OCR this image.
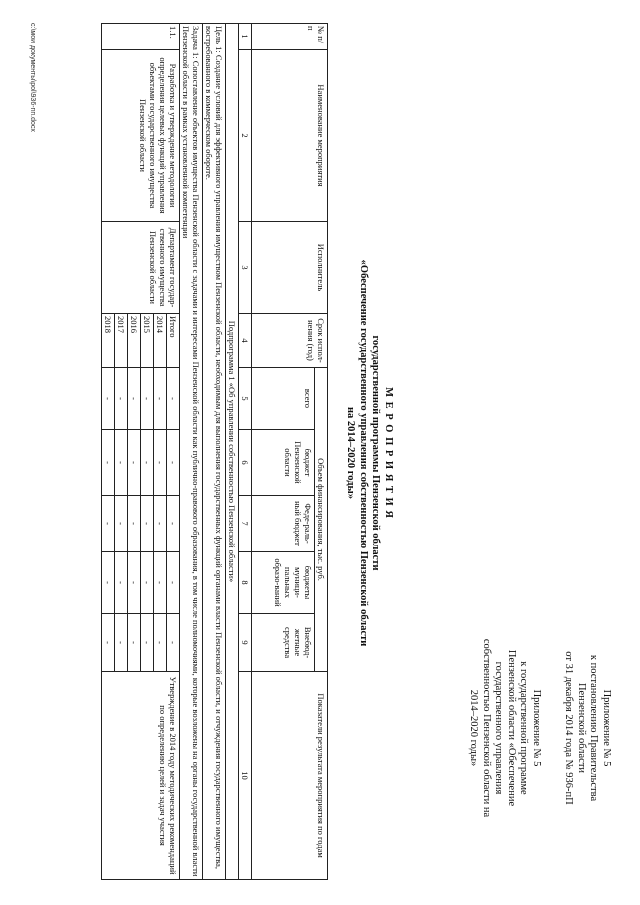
Приложение № 5
к постановлению Правительства
Пензенской области
от 31 декабря 2014 года № 936-пП
Приложение № 5
к государственной программе
Пензенской области «Обеспечение
государственного управления
собственностью Пензенской области на
2014–2020 годы»
М Е Р О П Р И Я Т И Я
государственной программы Пензенской области
«Обеспечение государственного управления собственностью Пензенской области
на 2014–2020 годы»
№ п/п	Наименование мероприятия	Исполнитель	Срок испол-нения (год)	Объем финансирования, тыс. руб.					Показатели результата мероприятия по годам
				всего	бюджет Пензенской области	Феде-раль-ный бюджет	бюджеты муници-пальных образо-ваний	Внебюд-жетные средства	
1	2	3	4	5	6	7	8	9	10
Подпрограмма 1 «Об управлении собственностью Пензенской области»									
Цель 1: Создание условий для эффективного управления имуществом Пензенской области, необходимым для выполнения государственных функций органами власти Пензенской области, и отчуждения государственного имущества, востребованного в коммерческом обороте.									
Задача 1: Сопоставление объектов имущества Пензенской области с задачами и интересами Пензенской области как публично-правового образования, в том числе полномочиями, которые возложены на органы государственной власти Пензенской области в рамках установленной компетенции									
1.1.	Разработка и утверждение методологии определения целевых функций управления объектами государственного имущества Пензенской области	Департамент государ-ственного имущества Пензенской области	Итого	-	-	-	-	-	Утверждение в 2014 году методических рекомендаций по определению целей и задач участия
			2014	-	-	-	-	-	
			2015	-	-	-	-	-	
			2016	-	-	-	-	-	
			2017	-	-	-	-	-	
			2018	-	-	-	-	-	
c:\мои документы\pol\936-пп.docx
